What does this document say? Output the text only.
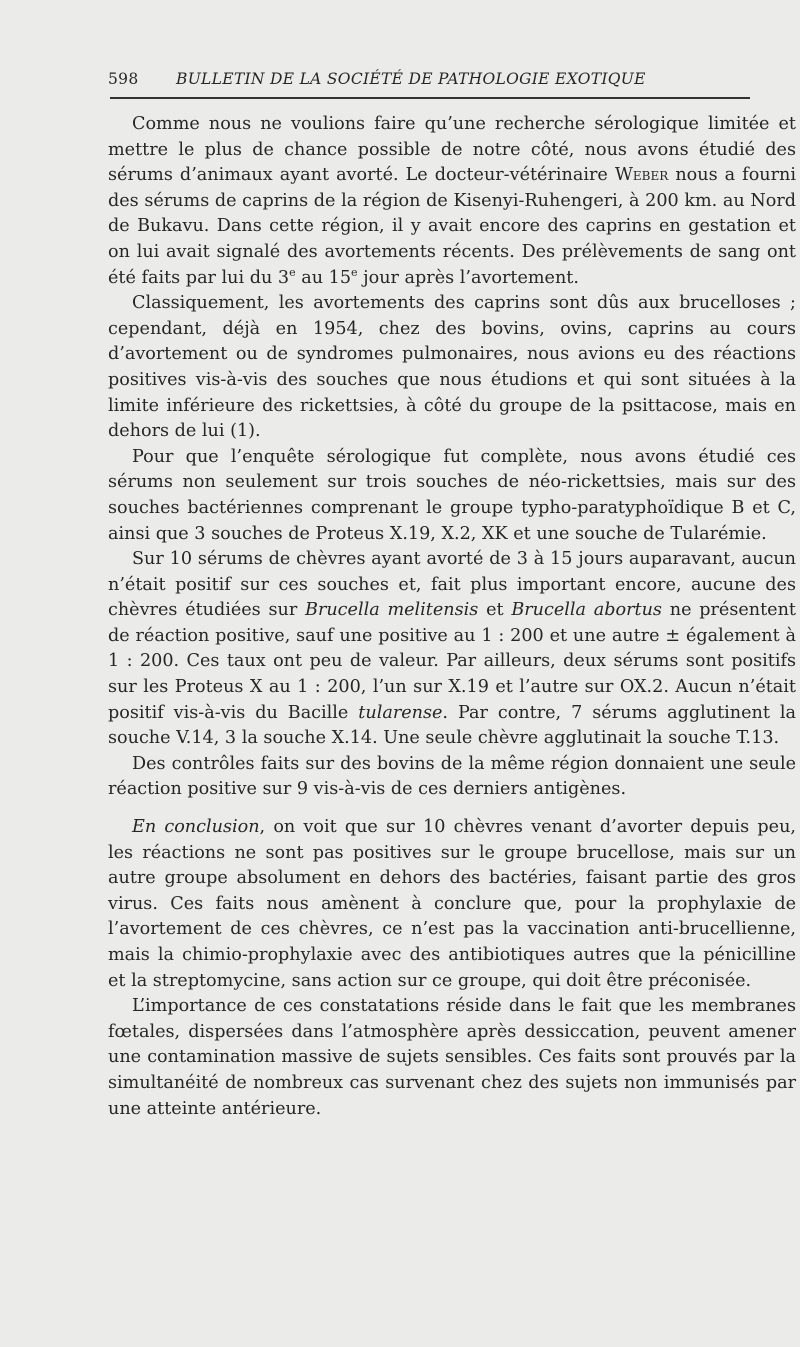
598 BULLETIN DE LA SOCIÉTÉ DE PATHOLOGIE EXOTIQUE

Comme nous ne voulions faire qu’une recherche sérologique limitée et mettre le plus de chance possible de notre côté, nous avons étudié des sérums d’animaux ayant avorté. Le docteur-vétérinaire Weber nous a fourni des sérums de caprins de la région de Kisenyi-Ruhengeri, à 200 km. au Nord de Bukavu. Dans cette région, il y avait encore des caprins en gestation et on lui avait signalé des avortements récents. Des prélèvements de sang ont été faits par lui du 3e au 15e jour après l’avortement.

Classiquement, les avortements des caprins sont dûs aux brucelloses ; cependant, déjà en 1954, chez des bovins, ovins, caprins au cours d’avortement ou de syndromes pulmonaires, nous avions eu des réactions positives vis-à-vis des souches que nous étudions et qui sont situées à la limite inférieure des rickettsies, à côté du groupe de la psittacose, mais en dehors de lui (1).

Pour que l’enquête sérologique fut complète, nous avons étudié ces sérums non seulement sur trois souches de néo-rickettsies, mais sur des souches bactériennes comprenant le groupe typho-paratyphoïdique B et C, ainsi que 3 souches de Proteus X.19, X.2, XK et une souche de Tularémie.

Sur 10 sérums de chèvres ayant avorté de 3 à 15 jours auparavant, aucun n’était positif sur ces souches et, fait plus important encore, aucune des chèvres étudiées sur Brucella melitensis et Brucella abortus ne présentent de réaction positive, sauf une positive au 1 : 200 et une autre ± également à 1 : 200. Ces taux ont peu de valeur. Par ailleurs, deux sérums sont positifs sur les Proteus X au 1 : 200, l’un sur X.19 et l’autre sur OX.2. Aucun n’était positif vis-à-vis du Bacille tularense. Par contre, 7 sérums agglutinent la souche V.14, 3 la souche X.14. Une seule chèvre agglutinait la souche T.13.

Des contrôles faits sur des bovins de la même région donnaient une seule réaction positive sur 9 vis-à-vis de ces derniers antigènes.

En conclusion, on voit que sur 10 chèvres venant d’avorter depuis peu, les réactions ne sont pas positives sur le groupe brucellose, mais sur un autre groupe absolument en dehors des bactéries, faisant partie des gros virus. Ces faits nous amènent à conclure que, pour la prophylaxie de l’avortement de ces chèvres, ce n’est pas la vaccination anti-brucellienne, mais la chimio-prophylaxie avec des antibiotiques autres que la pénicilline et la streptomycine, sans action sur ce groupe, qui doit être préconisée.

L’importance de ces constatations réside dans le fait que les membranes fœtales, dispersées dans l’atmosphère après dessiccation, peuvent amener une contamination massive de sujets sensibles. Ces faits sont prouvés par la simultanéité de nombreux cas survenant chez des sujets non immunisés par une atteinte antérieure.
